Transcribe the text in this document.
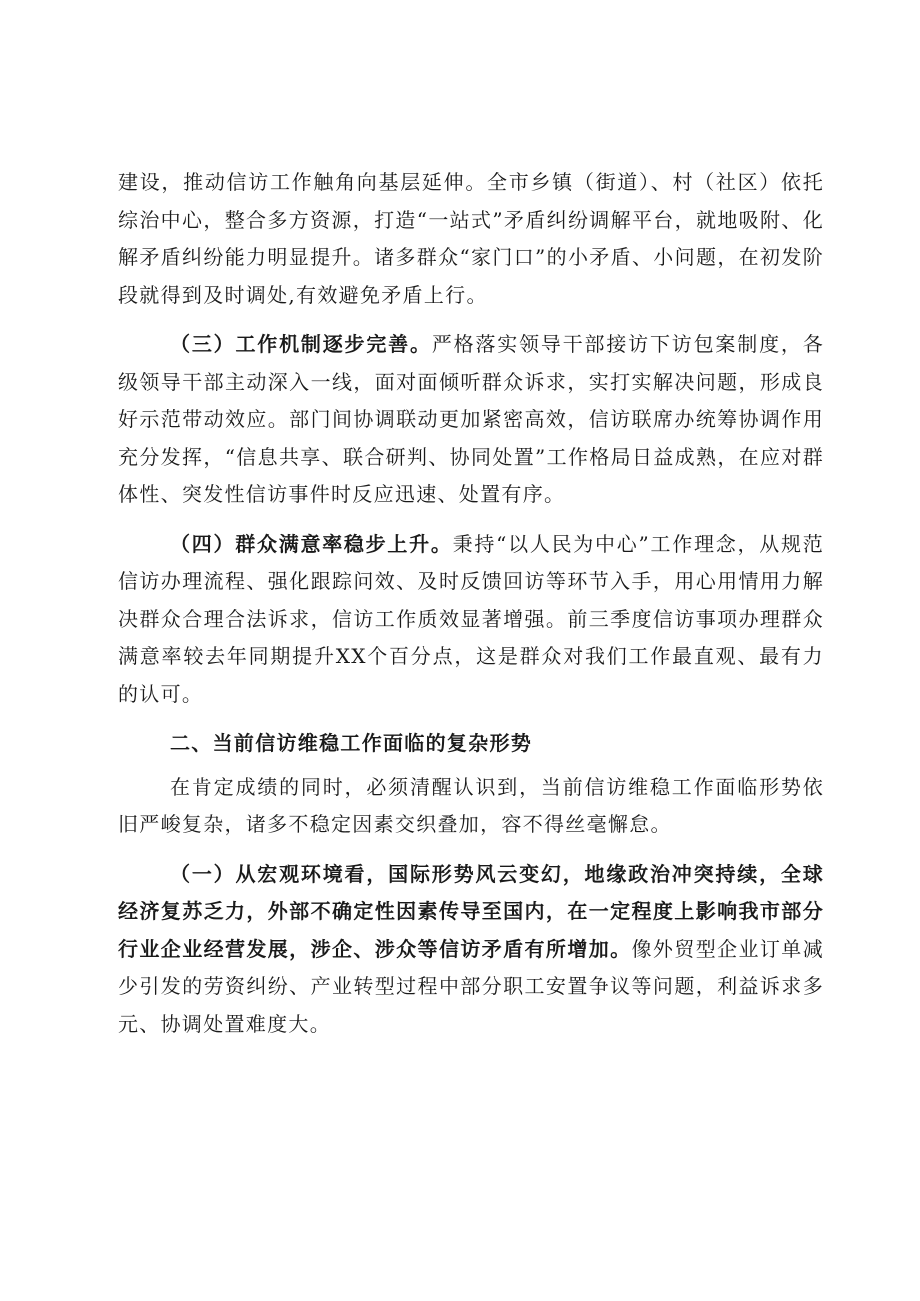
建设，推动信访工作触角向基层延伸。全市乡镇（街道）、村（社区）依托综治中心，整合多方资源，打造“一站式”矛盾纠纷调解平台，就地吸附、化解矛盾纠纷能力明显提升。诸多群众“家门口”的小矛盾、小问题，在初发阶段就得到及时调处,有效避免矛盾上行。

（三）工作机制逐步完善。严格落实领导干部接访下访包案制度，各级领导干部主动深入一线，面对面倾听群众诉求，实打实解决问题，形成良好示范带动效应。部门间协调联动更加紧密高效，信访联席办统筹协调作用充分发挥，“信息共享、联合研判、协同处置”工作格局日益成熟，在应对群体性、突发性信访事件时反应迅速、处置有序。

（四）群众满意率稳步上升。秉持“以人民为中心”工作理念，从规范信访办理流程、强化跟踪问效、及时反馈回访等环节入手，用心用情用力解决群众合理合法诉求，信访工作质效显著增强。前三季度信访事项办理群众满意率较去年同期提升XX个百分点，这是群众对我们工作最直观、最有力的认可。

二、当前信访维稳工作面临的复杂形势

在肯定成绩的同时，必须清醒认识到，当前信访维稳工作面临形势依旧严峻复杂，诸多不稳定因素交织叠加，容不得丝毫懈怠。

（一）从宏观环境看，国际形势风云变幻，地缘政治冲突持续，全球经济复苏乏力，外部不确定性因素传导至国内，在一定程度上影响我市部分行业企业经营发展，涉企、涉众等信访矛盾有所增加。像外贸型企业订单减少引发的劳资纠纷、产业转型过程中部分职工安置争议等问题，利益诉求多元、协调处置难度大。
